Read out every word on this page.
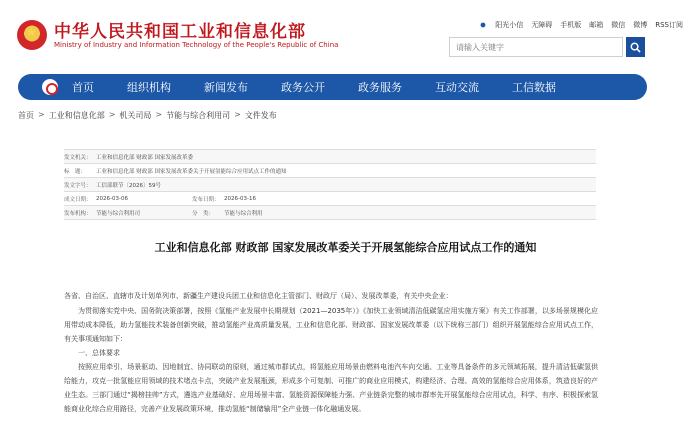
★
中华人民共和国工业和信息化部
Ministry of Industry and Information Technology of the People's Republic of China
阳光小信 无障碍 手机版 邮箱 微信 微博 RSS订阅
请输入关键字
首页	组织机构	新闻发布	政务公开	政务服务	互动交流	工信数据
首页 > 工业和信息化部 > 机关司局 > 节能与综合利用司 > 文件发布
发文机关： 工业和信息化部 财政部 国家发展改革委
标　题：	工业和信息化部 财政部 国家发展改革委关于开展氢能综合应用试点工作的通知
发文字号： 工信部联节〔2026〕59号
成文日期： 2026-03-06	发布日期： 2026-03-16
发布机构： 节能与综合利用司	分　类：	节能与综合利用
工业和信息化部 财政部 国家发展改革委关于开展氢能综合应用试点工作的通知
各省、自治区、直辖市及计划单列市、新疆生产建设兵团工业和信息化主管部门、财政厅（局）、发展改革委，有关中央企业：
为贯彻落实党中央、国务院决策部署，按照《氢能产业发展中长期规划（2021—2035年）》《加快工业领域清洁低碳氢应用实施方案》有关工作部署，以多场景规模化应用带动成本降低，助力氢能技术装备创新突破，推动氢能产业高质量发展，工业和信息化部、财政部、国家发展改革委（以下统称三部门）组织开展氢能综合应用试点工作，有关事项通知如下：
一、总体要求
按照应用牵引、场景驱动、因地制宜、协同联动的原则，通过城市群试点，将氢能应用场景由燃料电池汽车向交通、工业等具备条件的多元领域拓展，提升清洁低碳氢供给能力，攻克一批氢能应用领域的技术堵点卡点，突破产业发展瓶颈，形成多个可复制、可推广的商业应用模式，构建经济、合理、高效的氢能综合应用体系，筑造良好的产业生态。三部门通过“揭榜挂帅”方式，遴选产业基础好、应用场景丰富、氢能资源保障能力强、产业链条完整的城市群率先开展氢能综合应用试点，科学、有序、积极探索氢能商业化综合应用路径，完善产业发展政策环境，推动氢能“制储输用”全产业链一体化融通发展。
